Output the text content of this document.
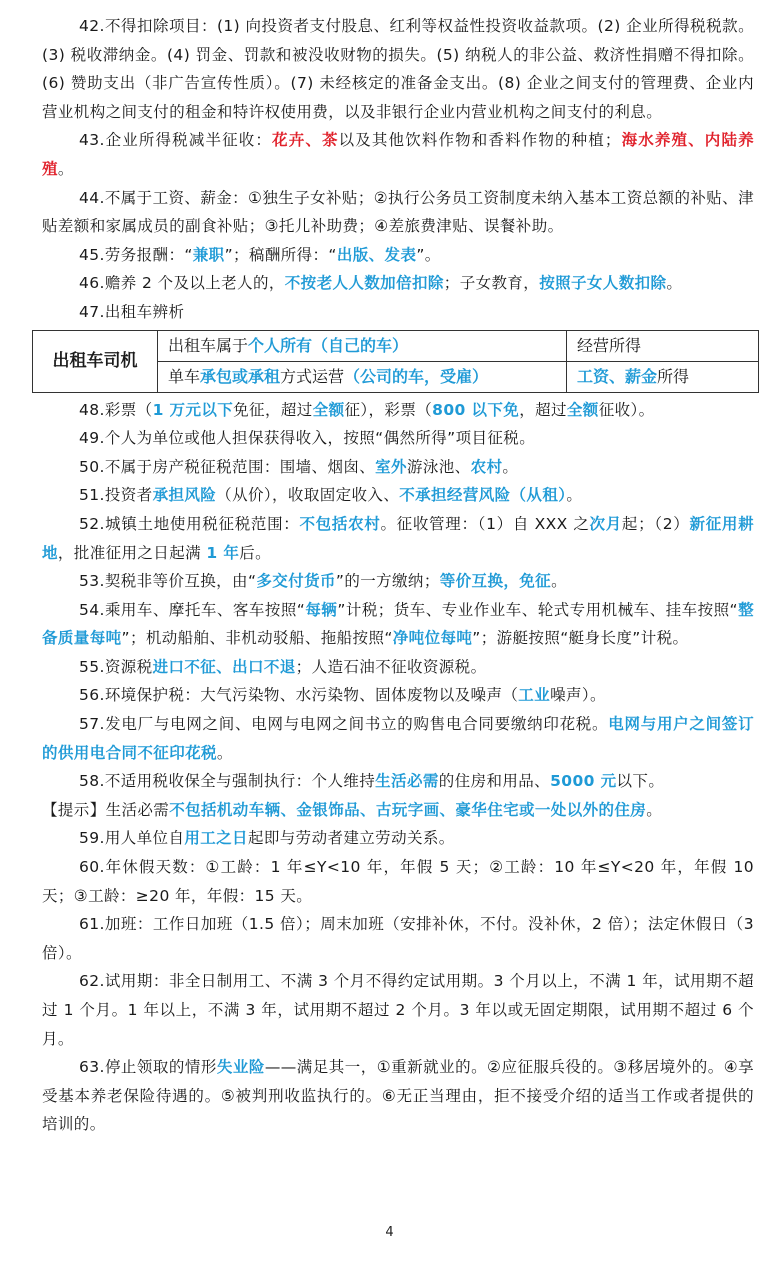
42.不得扣除项目：(1) 向投资者支付股息、红利等权益性投资收益款项。(2) 企业所得税税款。(3) 税收滞纳金。(4) 罚金、罚款和被没收财物的损失。(5) 纳税人的非公益、救济性捐赠不得扣除。(6) 赞助支出（非广告宣传性质）。(7) 未经核定的准备金支出。(8) 企业之间支付的管理费、企业内营业机构之间支付的租金和特许权使用费，以及非银行企业内营业机构之间支付的利息。

43.企业所得税减半征收：花卉、茶以及其他饮料作物和香料作物的种植；海水养殖、内陆养殖。

44.不属于工资、薪金：①独生子女补贴；②执行公务员工资制度未纳入基本工资总额的补贴、津贴差额和家属成员的副食补贴；③托儿补助费；④差旅费津贴、误餐补助。

45.劳务报酬：“兼职”；稿酬所得：“出版、发表”。

46.赡养 2 个及以上老人的，不按老人人数加倍扣除；子女教育，按照子女人数扣除。

47.出租车辨析

出租车司机	出租车属于个人所有（自己的车）	经营所得
	单车承包或承租方式运营（公司的车，受雇）	工资、薪金所得

48.彩票（1 万元以下免征，超过全额征），彩票（800 以下免，超过全额征收）。

49.个人为单位或他人担保获得收入，按照“偶然所得”项目征税。

50.不属于房产税征税范围：围墙、烟囱、室外游泳池、农村。

51.投资者承担风险（从价），收取固定收入、不承担经营风险（从租）。

52.城镇土地使用税征税范围：不包括农村。征收管理：（1）自 XXX 之次月起；（2）新征用耕地，批准征用之日起满 1 年后。

53.契税非等价互换，由“多交付货币”的一方缴纳；等价互换，免征。

54.乘用车、摩托车、客车按照“每辆”计税；货车、专业作业车、轮式专用机械车、挂车按照“整备质量每吨”；机动船舶、非机动驳船、拖船按照“净吨位每吨”；游艇按照“艇身长度”计税。

55.资源税进口不征、出口不退；人造石油不征收资源税。

56.环境保护税：大气污染物、水污染物、固体废物以及噪声（工业噪声）。

57.发电厂与电网之间、电网与电网之间书立的购售电合同要缴纳印花税。电网与用户之间签订的供用电合同不征印花税。

58.不适用税收保全与强制执行：个人维持生活必需的住房和用品、5000 元以下。

【提示】生活必需不包括机动车辆、金银饰品、古玩字画、豪华住宅或一处以外的住房。

59.用人单位自用工之日起即与劳动者建立劳动关系。

60.年休假天数：①工龄：1 年≤Y<10 年，年假 5 天；②工龄：10 年≤Y<20 年，年假 10 天；③工龄：≥20 年，年假：15 天。

61.加班：工作日加班（1.5 倍）；周末加班（安排补休，不付。没补休，2 倍）；法定休假日（3 倍）。

62.试用期：非全日制用工、不满 3 个月不得约定试用期。3 个月以上，不满 1 年，试用期不超过 1 个月。1 年以上，不满 3 年，试用期不超过 2 个月。3 年以或无固定期限，试用期不超过 6 个月。

63.停止领取的情形失业险——满足其一，①重新就业的。②应征服兵役的。③移居境外的。④享受基本养老保险待遇的。⑤被判刑收监执行的。⑥无正当理由，拒不接受介绍的适当工作或者提供的培训的。

4
